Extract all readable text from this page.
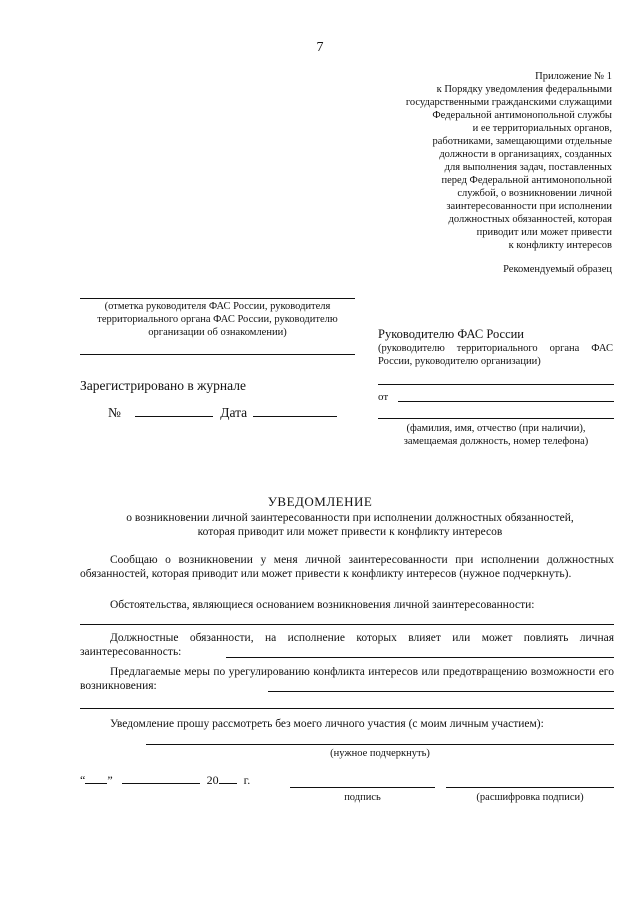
7
Приложение № 1
к Порядку уведомления федеральными
государственными гражданскими служащими
Федеральной антимонопольной службы
и ее территориальных органов,
работниками, замещающими отдельные
должности в организациях, созданных
для выполнения задач, поставленных
перед Федеральной антимонопольной
службой, о возникновении личной
заинтересованности при исполнении
должностных обязанностей, которая
приводит или может привести
к конфликту интересов
Рекомендуемый образец
(отметка руководителя ФАС России, руководителя
территориального органа ФАС России, руководителю
организации об ознакомлении)	Руководителю ФАС России
(руководителю территориального органа ФАС России, руководителю организации)
Зарегистрировано в журнале
№	Дата
от
(фамилия, имя, отчество (при наличии),
замещаемая должность, номер телефона)
УВЕДОМЛЕНИЕ
о возникновении личной заинтересованности при исполнении должностных обязанностей,
которая приводит или может привести к конфликту интересов
Сообщаю о возникновении у меня личной заинтересованности при исполнении должностных обязанностей, которая приводит или может привести к конфликту интересов (нужное подчеркнуть).
Обстоятельства, являющиеся основанием возникновения личной заинтересованности:
Должностные обязанности, на исполнение которых влияет или может повлиять личная заинтересованность:
Предлагаемые меры по урегулированию конфликта интересов или предотвращению возможности его возникновения:
Уведомление прошу рассмотреть без моего личного участия (с моим личным участием):
(нужное подчеркнуть)
“ ”	20 г.
подпись	(расшифровка подписи)
